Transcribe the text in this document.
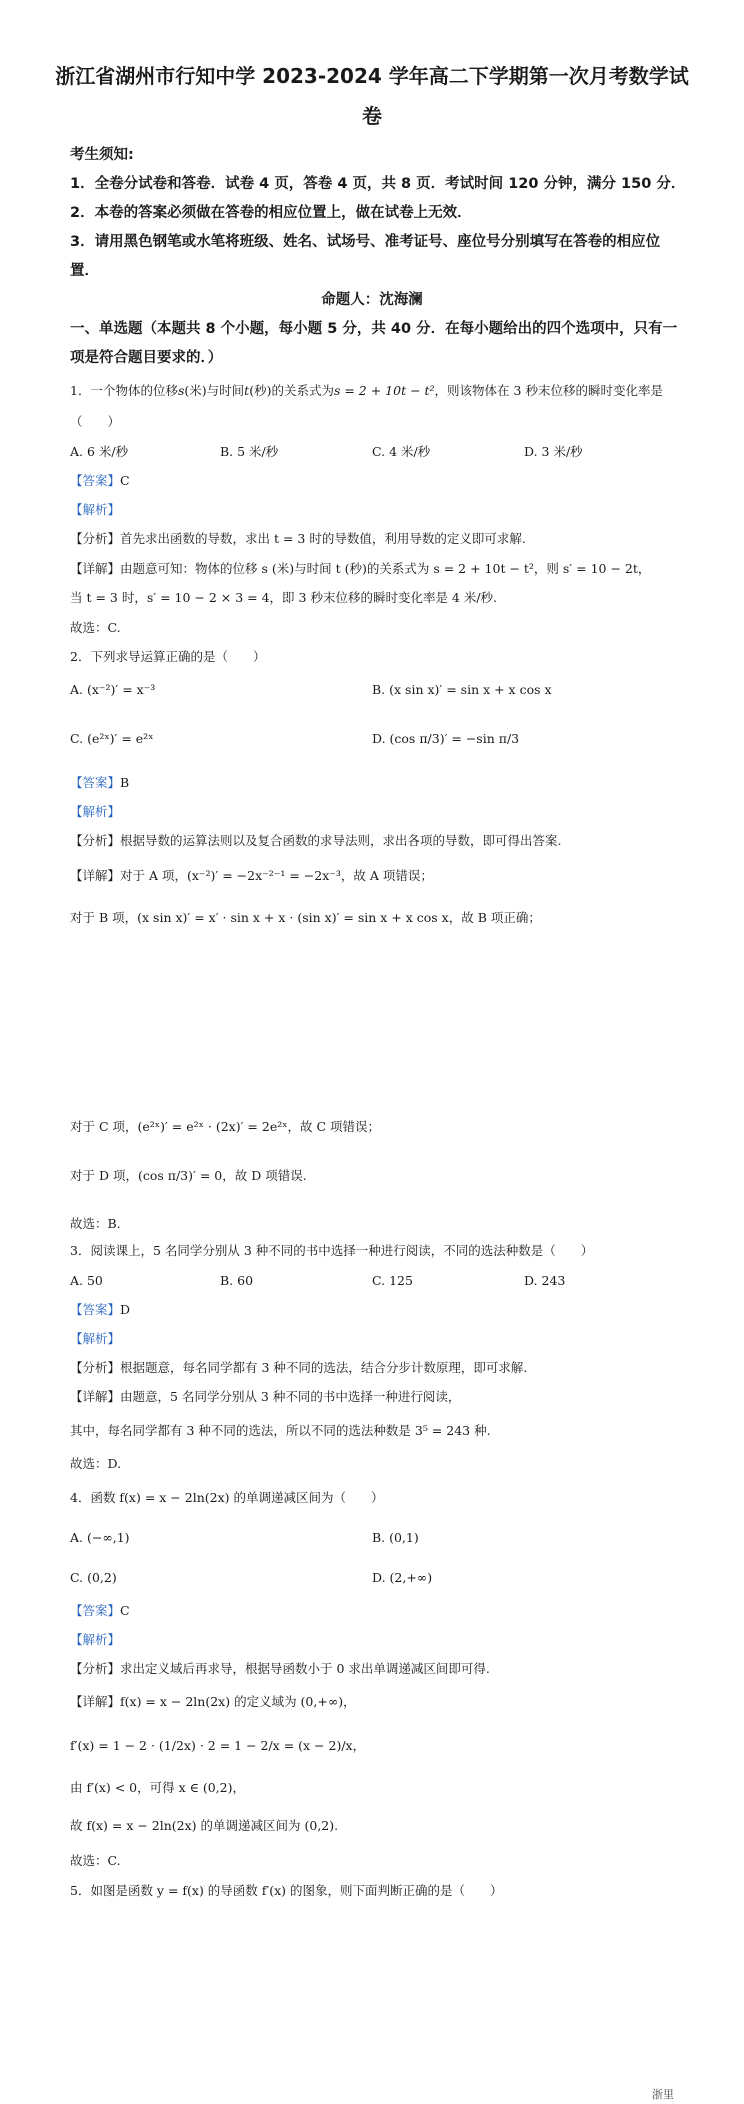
浙江省湖州市行知中学 2023-2024 学年高二下学期第一次月考数学试
卷
考生须知:
1．全卷分试卷和答卷．试卷 4 页，答卷 4 页，共 8 页．考试时间 120 分钟，满分 150 分．
2．本卷的答案必须做在答卷的相应位置上，做在试卷上无效．
3．请用黑色钢笔或水笔将班级、姓名、试场号、准考证号、座位号分别填写在答卷的相应位
置．
命题人：沈海澜
一、单选题（本题共 8 个小题，每小题 5 分，共 40 分．在每小题给出的四个选项中，只有一
项是符合题目要求的．）
1．一个物体的位移s(米)与时间t(秒)的关系式为s = 2 + 10t − t²，则该物体在 3 秒末位移的瞬时变化率是
（　　）
A. 6 米/秒	B. 5 米/秒	C. 4 米/秒	D. 3 米/秒
【答案】C
【解析】
【分析】首先求出函数的导数，求出 t = 3 时的导数值，利用导数的定义即可求解.
【详解】由题意可知：物体的位移 s (米)与时间 t (秒)的关系式为 s = 2 + 10t − t²，则 s′ = 10 − 2t，
当 t = 3 时，s′ = 10 − 2 × 3 = 4，即 3 秒末位移的瞬时变化率是 4 米/秒.
故选：C.
2．下列求导运算正确的是（　　）
A. (x⁻²)′ = x⁻³	B. (x sin x)′ = sin x + x cos x
C. (e²ˣ)′ = e²ˣ	D. (cos π/3)′ = −sin π/3
【答案】B
【解析】
【分析】根据导数的运算法则以及复合函数的求导法则，求出各项的导数，即可得出答案.
【详解】对于 A 项，(x⁻²)′ = −2x⁻²⁻¹ = −2x⁻³，故 A 项错误；
对于 B 项，(x sin x)′ = x′ · sin x + x · (sin x)′ = sin x + x cos x，故 B 项正确；
对于 C 项，(e²ˣ)′ = e²ˣ · (2x)′ = 2e²ˣ，故 C 项错误；
对于 D 项，(cos π/3)′ = 0，故 D 项错误.
故选：B.
3．阅读课上，5 名同学分别从 3 种不同的书中选择一种进行阅读，不同的选法种数是（　　）
A. 50	B. 60	C. 125	D. 243
【答案】D
【解析】
【分析】根据题意，每名同学都有 3 种不同的选法，结合分步计数原理，即可求解.
【详解】由题意，5 名同学分别从 3 种不同的书中选择一种进行阅读，
其中，每名同学都有 3 种不同的选法，所以不同的选法种数是 3⁵ = 243 种.
故选：D.
4．函数 f(x) = x − 2ln(2x) 的单调递减区间为（　　）
A. (−∞,1)	B. (0,1)
C. (0,2)	D. (2,+∞)
【答案】C
【解析】
【分析】求出定义域后再求导，根据导函数小于 0 求出单调递减区间即可得.
【详解】f(x) = x − 2ln(2x) 的定义域为 (0,+∞)，
f′(x) = 1 − 2 · (1/2x) · 2 = 1 − 2/x = (x − 2)/x，
由 f′(x) < 0，可得 x ∈ (0,2)，
故 f(x) = x − 2ln(2x) 的单调递减区间为 (0,2).
故选：C.
5．如图是函数 y = f(x) 的导函数 f′(x) 的图象，则下面判断正确的是（　　）
浙里
